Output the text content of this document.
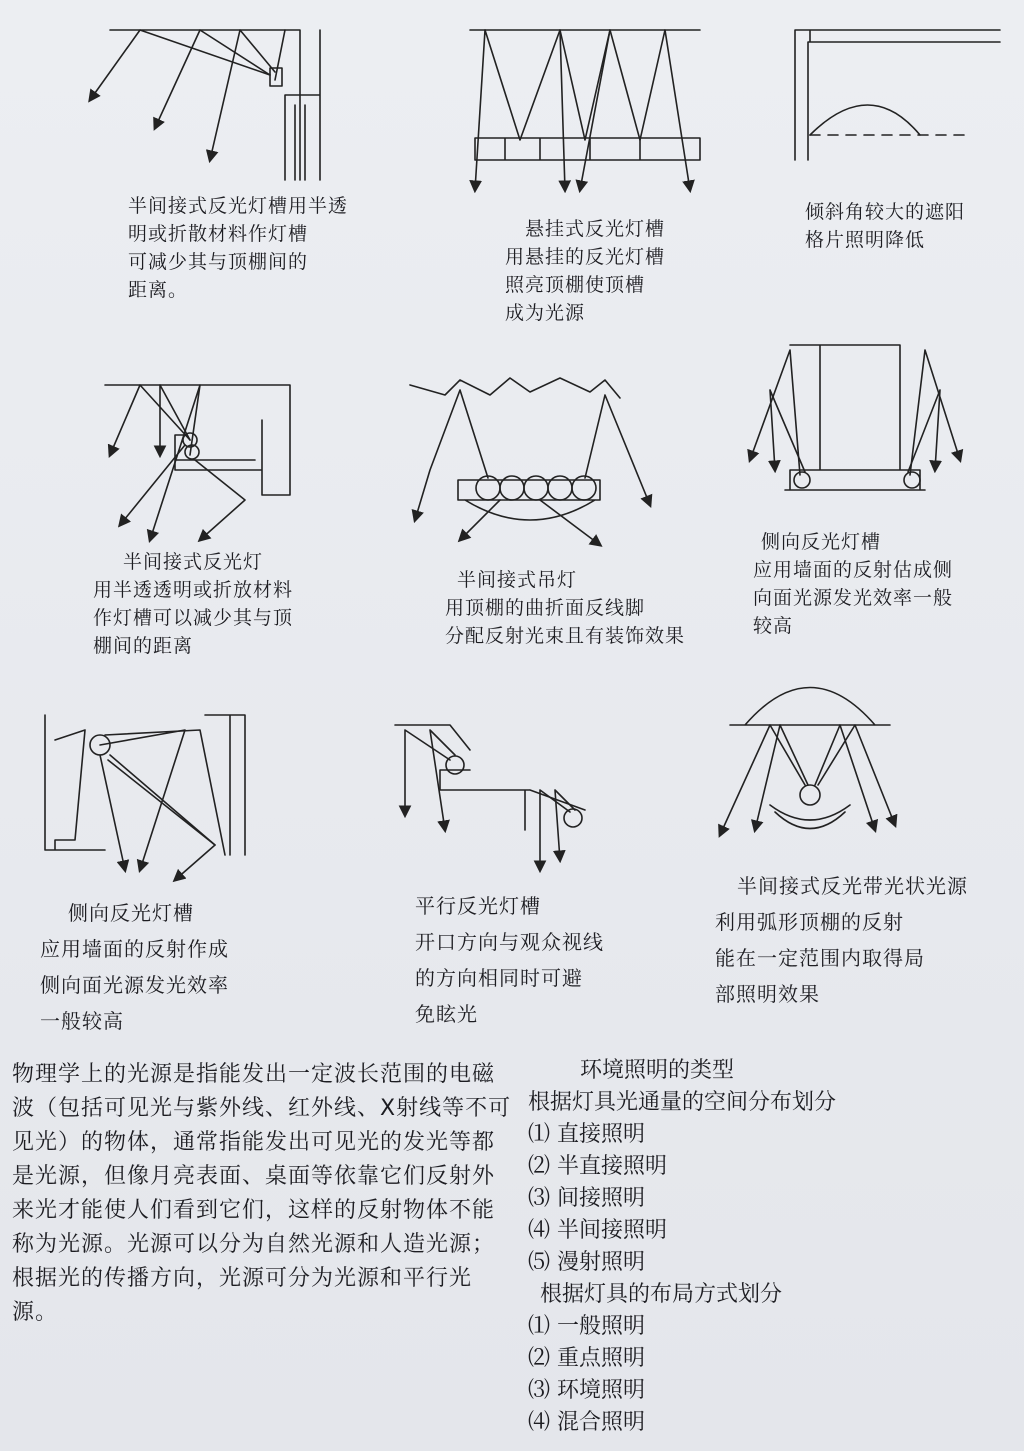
半间接式反光灯槽用半透

明或折散材料作灯槽

可减少其与顶棚间的

距离。

悬挂式反光灯槽

用悬挂的反光灯槽

照亮顶棚使顶槽

成为光源

倾斜角较大的遮阳

格片照明降低

半间接式反光灯

用半透透明或折放材料

作灯槽可以减少其与顶

棚间的距离

半间接式吊灯

用顶棚的曲折面反线脚

分配反射光束且有装饰效果

侧向反光灯槽

应用墙面的反射估成侧

向面光源发光效率一般

较高

侧向反光灯槽

应用墙面的反射作成

侧向面光源发光效率

一般较高

平行反光灯槽

开口方向与观众视线

的方向相同时可避

免眩光

半间接式反光带光状光源

利用弧形顶棚的反射

能在一定范围内取得局

部照明效果

物理学上的光源是指能发出一定波长范围的电磁波（包括可见光与紫外线、红外线、X射线等不可见光）的物体，通常指能发出可见光的发光等都是光源，但像月亮表面、桌面等依靠它们反射外来光才能使人们看到它们，这样的反射物体不能称为光源。光源可以分为自然光源和人造光源；根据光的传播方向，光源可分为光源和平行光源。

环境照明的类型

根据灯具光通量的空间分布划分

⑴ 直接照明

⑵ 半直接照明

⑶ 间接照明

⑷ 半间接照明

⑸ 漫射照明

根据灯具的布局方式划分

⑴ 一般照明

⑵ 重点照明

⑶ 环境照明

⑷ 混合照明
